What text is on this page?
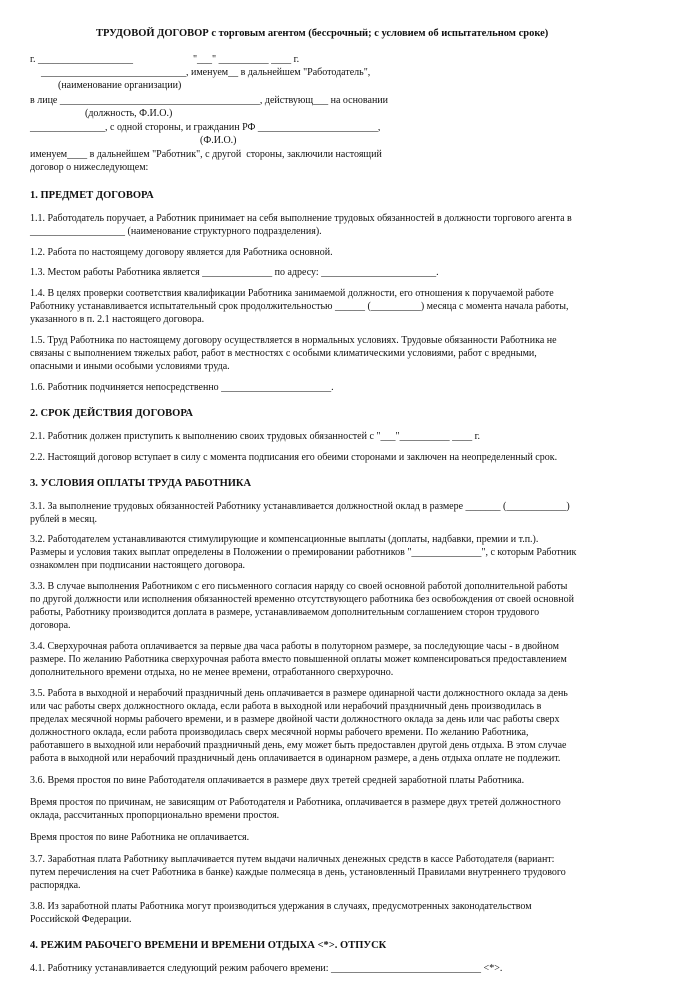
ТРУДОВОЙ ДОГОВОР с торговым агентом (бессрочный; с условием об испытательном сроке)
г. ___________________                        "___" __________ ____ г.
_____________________________, именуем__ в дальнейшем "Работодатель",
(наименование организации)
в лице ________________________________________, действующ___ на основании
(должность, Ф.И.О.)
_______________, с одной стороны, и гражданин РФ ________________________,
(Ф.И.О.)
именуем____ в дальнейшем "Работник", с другой  стороны, заключили настоящий
договор о нижеследующем:
1. ПРЕДМЕТ ДОГОВОРА
1.1. Работодатель поручает, а Работник принимает на себя выполнение трудовых обязанностей в должности торгового агента в
___________________ (наименование структурного подразделения).
1.2. Работа по настоящему договору является для Работника основной.
1.3. Местом работы Работника является ______________ по адресу: _______________________.
1.4. В целях проверки соответствия квалификации Работника занимаемой должности, его отношения к поручаемой работе
Работнику устанавливается испытательный срок продолжительностью ______ (__________) месяца с момента начала работы,
указанного в п. 2.1 настоящего договора.
1.5. Труд Работника по настоящему договору осуществляется в нормальных условиях. Трудовые обязанности Работника не
связаны с выполнением тяжелых работ, работ в местностях с особыми климатическими условиями, работ с вредными,
опасными и иными особыми условиями труда.
1.6. Работник подчиняется непосредственно ______________________.
2. СРОК ДЕЙСТВИЯ ДОГОВОРА
2.1. Работник должен приступить к выполнению своих трудовых обязанностей с "___"__________ ____ г.
2.2. Настоящий договор вступает в силу с момента подписания его обеими сторонами и заключен на неопределенный срок.
3. УСЛОВИЯ ОПЛАТЫ ТРУДА РАБОТНИКА
3.1. За выполнение трудовых обязанностей Работнику устанавливается должностной оклад в размере _______ (____________)
рублей в месяц.
3.2. Работодателем устанавливаются стимулирующие и компенсационные выплаты (доплаты, надбавки, премии и т.п.).
Размеры и условия таких выплат определены в Положении о премировании работников "______________", с которым Работник
ознакомлен при подписании настоящего договора.
3.3. В случае выполнения Работником с его письменного согласия наряду со своей основной работой дополнительной работы
по другой должности или исполнения обязанностей временно отсутствующего работника без освобождения от своей основной
работы, Работнику производится доплата в размере, устанавливаемом дополнительным соглашением сторон трудового
договора.
3.4. Сверхурочная работа оплачивается за первые два часа работы в полуторном размере, за последующие часы - в двойном
размере. По желанию Работника сверхурочная работа вместо повышенной оплаты может компенсироваться предоставлением
дополнительного времени отдыха, но не менее времени, отработанного сверхурочно.
3.5. Работа в выходной и нерабочий праздничный день оплачивается в размере одинарной части должностного оклада за день
или час работы сверх должностного оклада, если работа в выходной или нерабочий праздничный день производилась в
пределах месячной нормы рабочего времени, и в размере двойной части должностного оклада за день или час работы сверх
должностного оклада, если работа производилась сверх месячной нормы рабочего времени. По желанию Работника,
работавшего в выходной или нерабочий праздничный день, ему может быть предоставлен другой день отдыха. В этом случае
работа в выходной или нерабочий праздничный день оплачивается в одинарном размере, а день отдыха оплате не подлежит.
3.6. Время простоя по вине Работодателя оплачивается в размере двух третей средней заработной платы Работника.
Время простоя по причинам, не зависящим от Работодателя и Работника, оплачивается в размере двух третей должностного
оклада, рассчитанных пропорционально времени простоя.
Время простоя по вине Работника не оплачивается.
3.7. Заработная плата Работнику выплачивается путем выдачи наличных денежных средств в кассе Работодателя (вариант:
путем перечисления на счет Работника в банке) каждые полмесяца в день, установленный Правилами внутреннего трудового
распорядка.
3.8. Из заработной платы Работника могут производиться удержания в случаях, предусмотренных законодательством
Российской Федерации.
4. РЕЖИМ РАБОЧЕГО ВРЕМЕНИ И ВРЕМЕНИ ОТДЫХА <*>. ОТПУСК
4.1. Работнику устанавливается следующий режим рабочего времени: ______________________________ <*>.
